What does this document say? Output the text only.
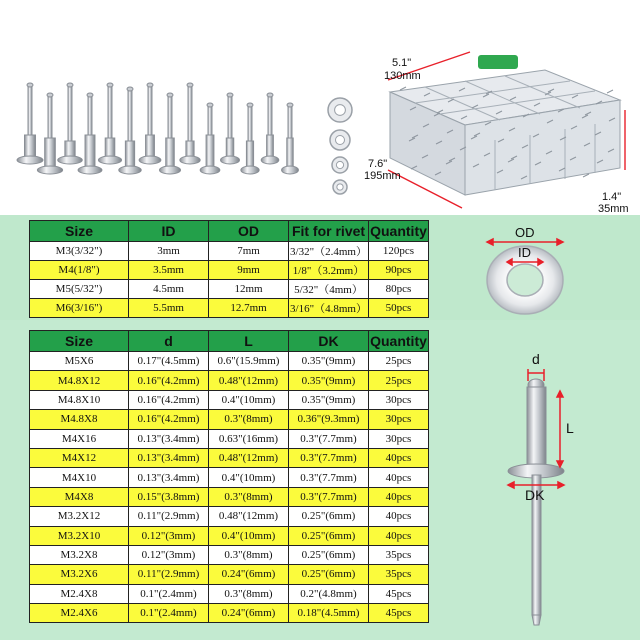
5.1"
130mm
7.6"
195mm
1.4"
35mm
Size	ID	OD	Fit for rivet	Quantity
M3(3/32")	3mm	7mm	3/32"（2.4mm）	120pcs
M4(1/8")	3.5mm	9mm	1/8"（3.2mm）	90pcs
M5(5/32")	4.5mm	12mm	5/32"（4mm）	80pcs
M6(3/16")	5.5mm	12.7mm	3/16"（4.8mm）	50pcs
OD
ID
Size	d	L	DK	Quantity
M5X6	0.17"(4.5mm)	0.6"(15.9mm)	0.35"(9mm)	25pcs
M4.8X12	0.16"(4.2mm)	0.48"(12mm)	0.35"(9mm)	25pcs
M4.8X10	0.16"(4.2mm)	0.4"(10mm)	0.35"(9mm)	30pcs
M4.8X8	0.16"(4.2mm)	0.3"(8mm)	0.36"(9.3mm)	30pcs
M4X16	0.13"(3.4mm)	0.63"(16mm)	0.3"(7.7mm)	30pcs
M4X12	0.13"(3.4mm)	0.48"(12mm)	0.3"(7.7mm)	40pcs
M4X10	0.13"(3.4mm)	0.4"(10mm)	0.3"(7.7mm)	40pcs
M4X8	0.15"(3.8mm)	0.3"(8mm)	0.3"(7.7mm)	40pcs
M3.2X12	0.11"(2.9mm)	0.48"(12mm)	0.25"(6mm)	40pcs
M3.2X10	0.12"(3mm)	0.4"(10mm)	0.25"(6mm)	40pcs
M3.2X8	0.12"(3mm)	0.3"(8mm)	0.25"(6mm)	35pcs
M3.2X6	0.11"(2.9mm)	0.24"(6mm)	0.25"(6mm)	35pcs
M2.4X8	0.1"(2.4mm)	0.3"(8mm)	0.2"(4.8mm)	45pcs
M2.4X6	0.1"(2.4mm)	0.24"(6mm)	0.18"(4.5mm)	45pcs
d
L
DK
